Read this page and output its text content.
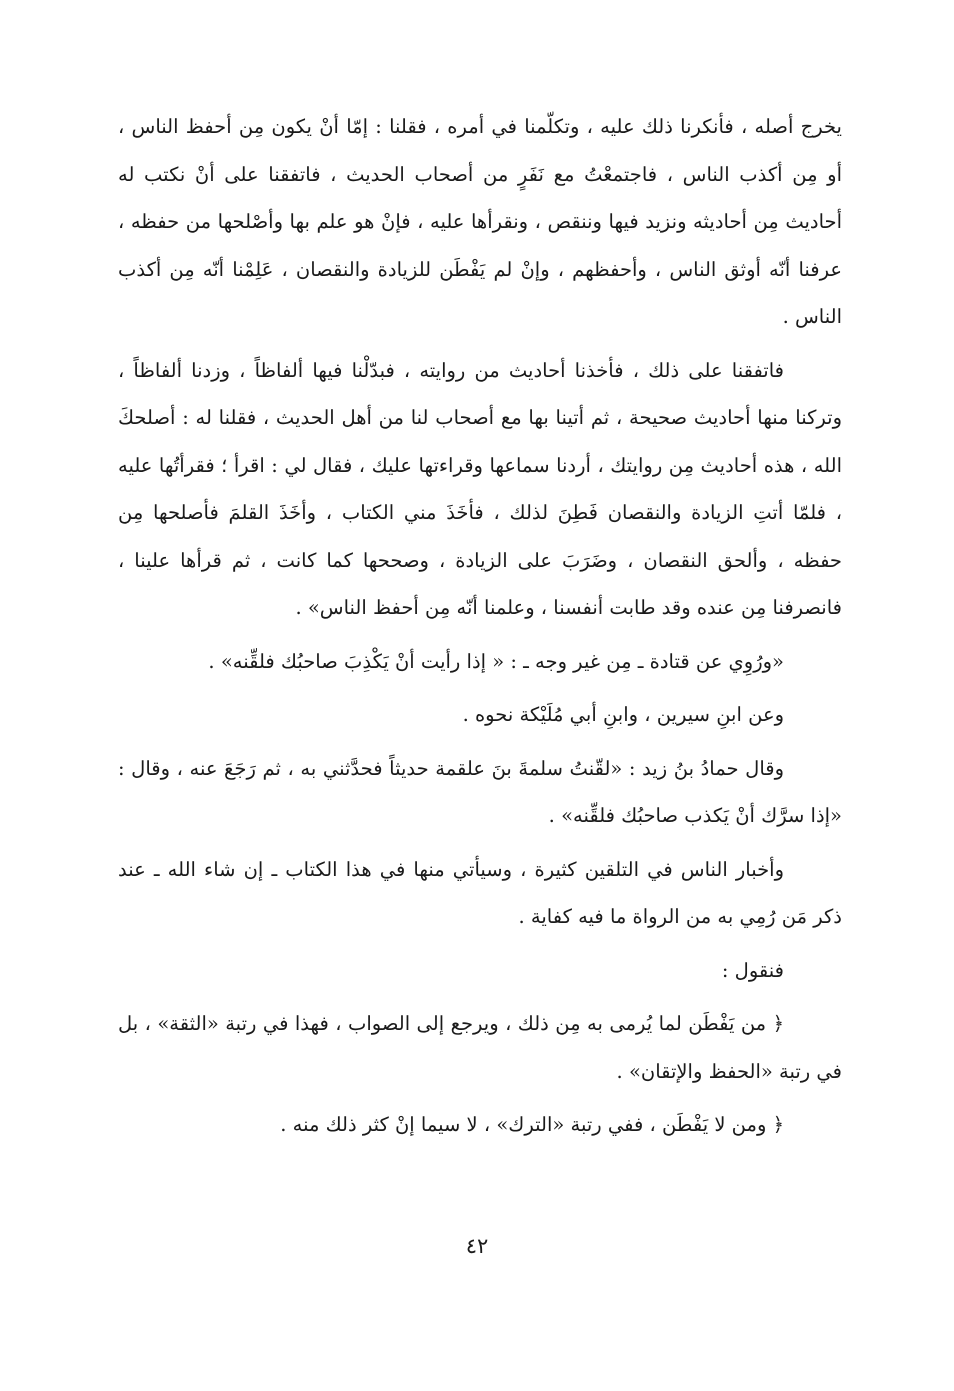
يخرج أصله ، فأنكرنا ذلك عليه ، وتكلّمنا في أمره ، فقلنا : إمّا أنْ يكون مِن أحفظ الناس ، أو مِن أكذب الناس ، فاجتمعْتُ مع نَفَرٍ من أصحاب الحديث ، فاتفقنا على أنْ نكتب له أحاديث مِن أحاديثه ونزيد فيها وننقص ، ونقرأها عليه ، فإنْ هو علم بها وأصْلحها من حفظه ، عرفنا أنّه أوثق الناس ، وأحفظهم ، وإنْ لم يَفْطَن للزيادة والنقصان ، عَلِمْنا أنّه مِن أكذب الناس .

فاتفقنا على ذلك ، فأخذنا أحاديث من روايته ، فبدّلْنا فيها ألفاظاً ، وزدنا ألفاظاً ، وتركنا منها أحاديث صحيحة ، ثم أتينا بها مع أصحاب لنا من أهل الحديث ، فقلنا له : أصلحكَ الله ، هذه أحاديث مِن روايتك ، أردنا سماعها وقراءتها عليك ، فقال لي : اقرأ ؛ فقرأتُها عليه ، فلمّا أتتِ الزيادة والنقصان فَطِنَ لذلك ، فأخَذَ مني الكتاب ، وأخَذَ القلمَ فأصلحها مِن حفظه ، وألحق النقصان ، وضَرَبَ على الزيادة ، وصححها كما كانت ، ثم قرأها علينا ، فانصرفنا مِن عنده وقد طابت أنفسنا ، وعلمنا أنّه مِن أحفظ الناس» .

«ورُوِي عن قتادة ـ مِن غير وجه ـ : « إذا رأيت أنْ يَكْذِبَ صاحبُك فلقِّنه» .

وعن ابنِ سيرين ، وابنِ أبي مُلَيْكة نحوه .

وقال حمادُ بنُ زيد : «لقّنتُ سلمةَ بنَ علقمة حديثاً فحدَّثني به ، ثم رَجَعَ عنه ، وقال : «إذا سرَّك أنْ يَكذب صاحبُك فلقِّنه» .

وأخبار الناس في التلقين كثيرة ، وسيأتي منها في هذا الكتاب ـ إن شاء الله ـ عند ذكر مَن رُمِي به من الرواة ما فيه كفاية .

فنقول :

﴿ من يَفْطَن لما يُرمى به مِن ذلك ، ويرجع إلى الصواب ، فهذا في رتبة «الثقة» ، بل في رتبة «الحفظ والإتقان» .

﴿ ومن لا يَفْطَن ، ففي رتبة «الترك» ، لا سيما إنْ كثر ذلك منه .

٤٢
